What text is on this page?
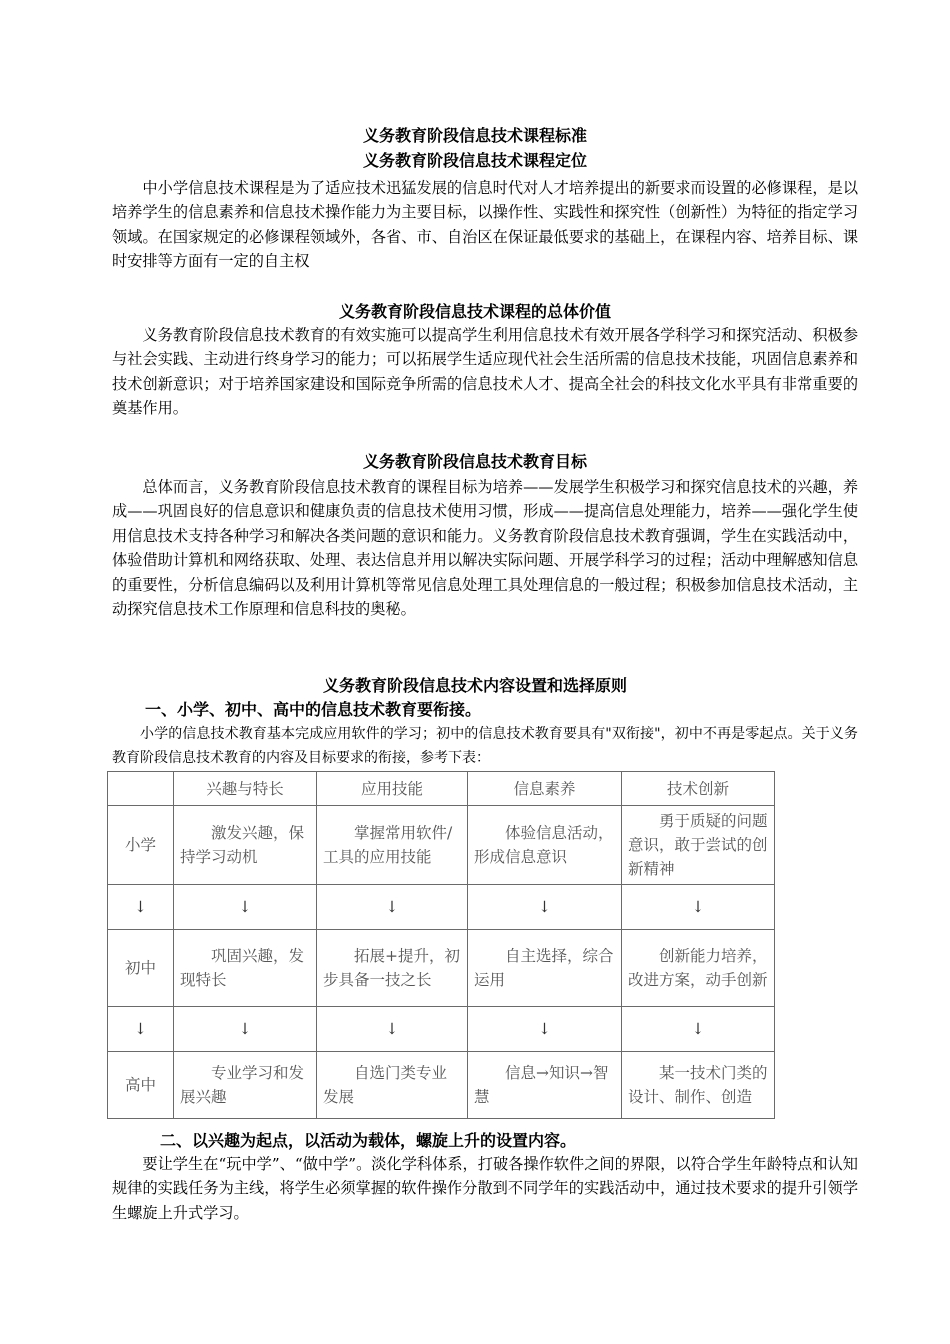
义务教育阶段信息技术课程标准
义务教育阶段信息技术课程定位
中小学信息技术课程是为了适应技术迅猛发展的信息时代对人才培养提出的新要求而设置的必修课程，是以培养学生的信息素养和信息技术操作能力为主要目标，以操作性、实践性和探究性（创新性）为特征的指定学习领域。在国家规定的必修课程领域外，各省、市、自治区在保证最低要求的基础上，在课程内容、培养目标、课时安排等方面有一定的自主权
义务教育阶段信息技术课程的总体价值
义务教育阶段信息技术教育的有效实施可以提高学生利用信息技术有效开展各学科学习和探究活动、积极参与社会实践、主动进行终身学习的能力；可以拓展学生适应现代社会生活所需的信息技术技能，巩固信息素养和技术创新意识；对于培养国家建设和国际竞争所需的信息技术人才、提高全社会的科技文化水平具有非常重要的奠基作用。
义务教育阶段信息技术教育目标
总体而言，义务教育阶段信息技术教育的课程目标为培养——发展学生积极学习和探究信息技术的兴趣，养成——巩固良好的信息意识和健康负责的信息技术使用习惯，形成——提高信息处理能力，培养——强化学生使用信息技术支持各种学习和解决各类问题的意识和能力。义务教育阶段信息技术教育强调，学生在实践活动中，体验借助计算机和网络获取、处理、表达信息并用以解决实际问题、开展学科学习的过程；活动中理解感知信息的重要性，分析信息编码以及利用计算机等常见信息处理工具处理信息的一般过程；积极参加信息技术活动，主动探究信息技术工作原理和信息科技的奥秘。
义务教育阶段信息技术内容设置和选择原则
一、小学、初中、高中的信息技术教育要衔接。
小学的信息技术教育基本完成应用软件的学习；初中的信息技术教育要具有"双衔接"，初中不再是零起点。关于义务教育阶段信息技术教育的内容及目标要求的衔接，参考下表：
	兴趣与特长	应用技能	信息素养	技术创新
小学	激发兴趣，保持学习动机	掌握常用软件/工具的应用技能	体验信息活动，形成信息意识	勇于质疑的问题意识，敢于尝试的创新精神
↓	↓	↓	↓	↓
初中	巩固兴趣，发现特长	拓展+提升，初步具备一技之长	自主选择，综合运用	创新能力培养，改进方案，动手创新
↓	↓	↓	↓	↓
高中	专业学习和发展兴趣	自选门类专业发展	信息→知识→智慧	某一技术门类的设计、制作、创造
二、以兴趣为起点，以活动为载体，螺旋上升的设置内容。
要让学生在“玩中学”、“做中学”。淡化学科体系，打破各操作软件之间的界限，以符合学生年龄特点和认知规律的实践任务为主线，将学生必须掌握的软件操作分散到不同学年的实践活动中，通过技术要求的提升引领学生螺旋上升式学习。
